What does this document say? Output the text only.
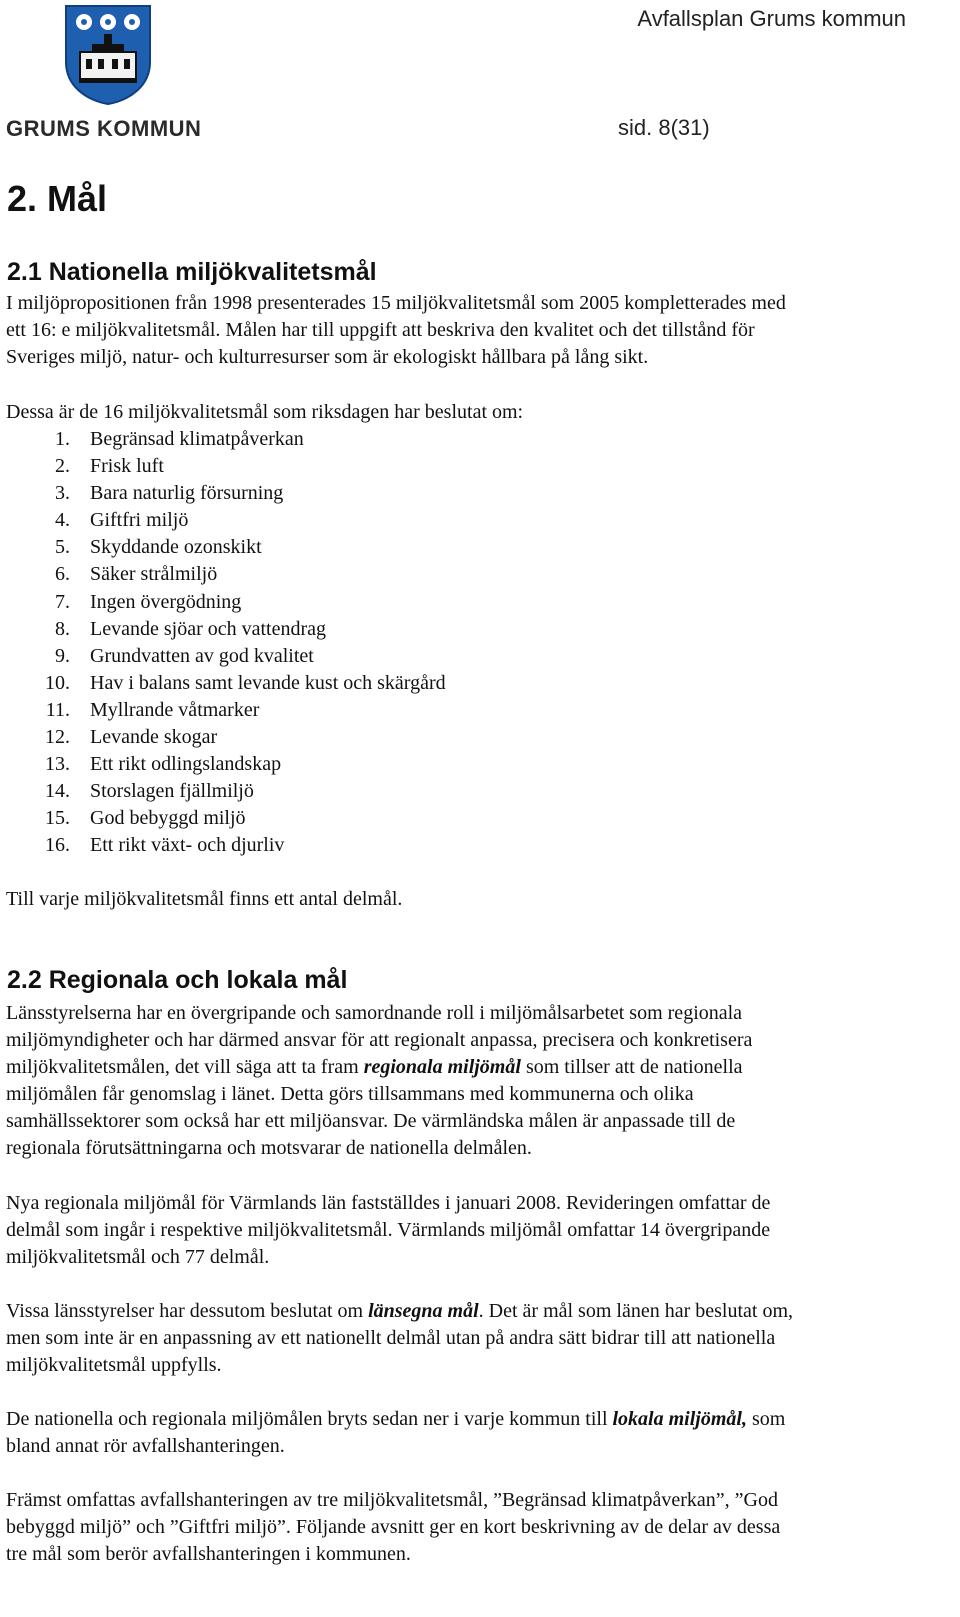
GRUMS KOMMUN
Avfallsplan Grums kommun
sid. 8(31)
2. Mål
2.1 Nationella miljökvalitetsmål

I miljöpropositionen från 1998 presenterades 15 miljökvalitetsmål som 2005 kompletterades med

ett 16: e miljökvalitetsmål. Målen har till uppgift att beskriva den kvalitet och det tillstånd för

Sveriges miljö, natur- och kulturresurser som är ekologiskt hållbara på lång sikt.

Dessa är de 16 miljökvalitetsmål som riksdagen har beslutat om:
1. Begränsad klimatpåverkan
2. Frisk luft
3. Bara naturlig försurning
4. Giftfri miljö
5. Skyddande ozonskikt
6. Säker strålmiljö
7. Ingen övergödning
8. Levande sjöar och vattendrag
9. Grundvatten av god kvalitet
10. Hav i balans samt levande kust och skärgård
11. Myllrande våtmarker
12. Levande skogar
13. Ett rikt odlingslandskap
14. Storslagen fjällmiljö
15. God bebyggd miljö
16. Ett rikt växt- och djurliv
Till varje miljökvalitetsmål finns ett antal delmål.
2.2 Regionala och lokala mål

Länsstyrelserna har en övergripande och samordnande roll i miljömålsarbetet som regionala

miljömyndigheter och har därmed ansvar för att regionalt anpassa, precisera och konkretisera

miljökvalitetsmålen, det vill säga att ta fram regionala miljömål som tillser att de nationella

miljömålen får genomslag i länet. Detta görs tillsammans med kommunerna och olika

samhällssektorer som också har ett miljöansvar. De värmländska målen är anpassade till de

regionala förutsättningarna och motsvarar de nationella delmålen.

Nya regionala miljömål för Värmlands län fastställdes i januari 2008. Revideringen omfattar de

delmål som ingår i respektive miljökvalitetsmål. Värmlands miljömål omfattar 14 övergripande

miljökvalitetsmål och 77 delmål.

Vissa länsstyrelser har dessutom beslutat om länsegna mål. Det är mål som länen har beslutat om,

men som inte är en anpassning av ett nationellt delmål utan på andra sätt bidrar till att nationella

miljökvalitetsmål uppfylls.

De nationella och regionala miljömålen bryts sedan ner i varje kommun till lokala miljömål, som

bland annat rör avfallshanteringen.

Främst omfattas avfallshanteringen av tre miljökvalitetsmål, ”Begränsad klimatpåverkan”, ”God

bebyggd miljö” och ”Giftfri miljö”. Följande avsnitt ger en kort beskrivning av de delar av dessa

tre mål som berör avfallshanteringen i kommunen.
